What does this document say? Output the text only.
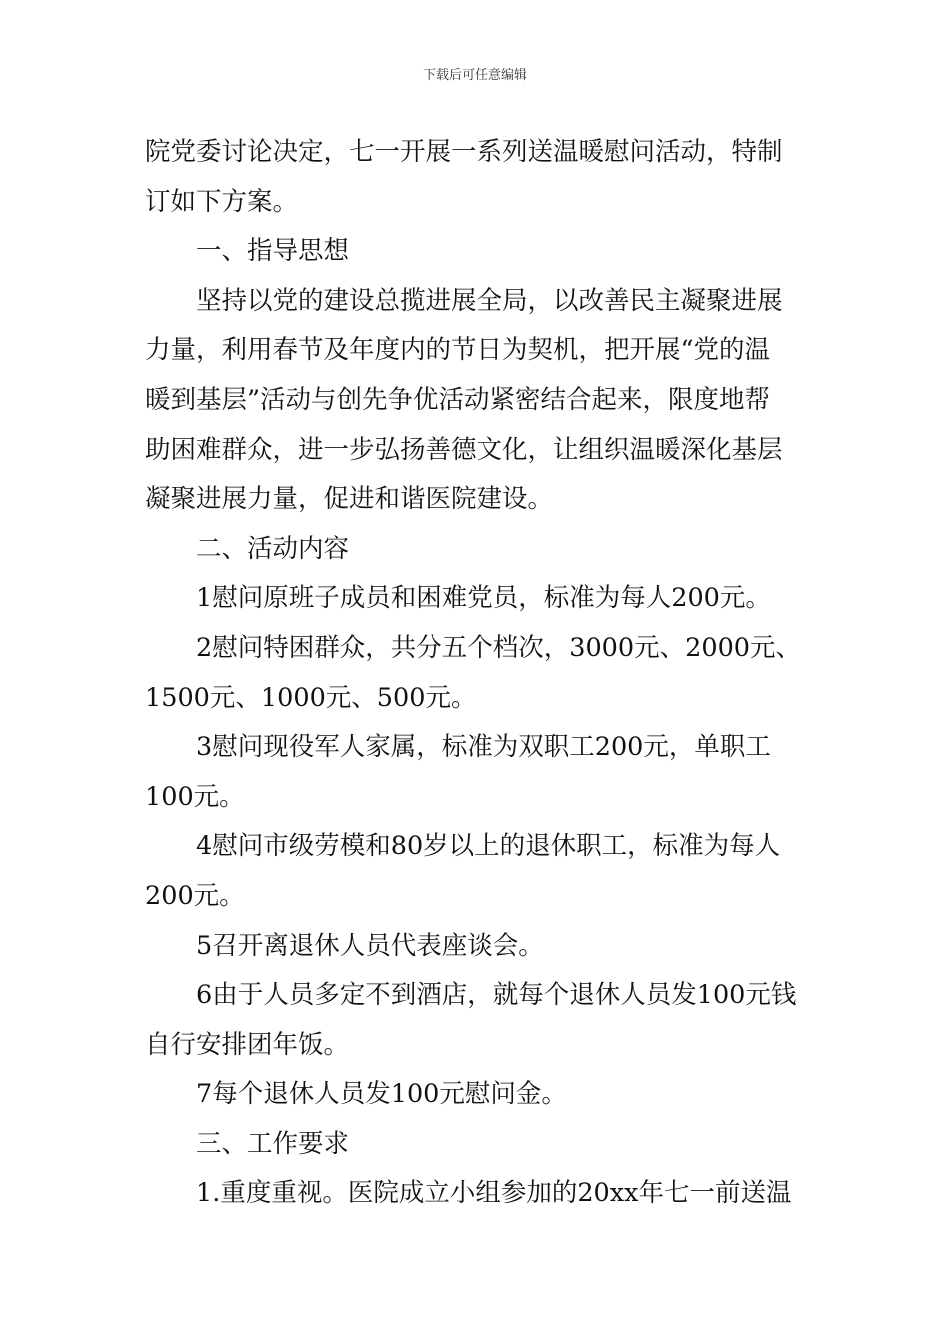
下载后可任意编辑
院党委讨论决定，七一开展一系列送温暖慰问活动，特制
订如下方案。
一、指导思想
坚持以党的建设总揽进展全局，以改善民主凝聚进展
力量，利用春节及年度内的节日为契机，把开展“党的温
暖到基层”活动与创先争优活动紧密结合起来，限度地帮
助困难群众，进一步弘扬善德文化，让组织温暖深化基层
凝聚进展力量，促进和谐医院建设。
二、活动内容
1慰问原班子成员和困难党员，标准为每人200元。
2慰问特困群众，共分五个档次，3000元、2000元、
1500元、1000元、500元。
3慰问现役军人家属，标准为双职工200元，单职工
100元。
4慰问市级劳模和80岁以上的退休职工，标准为每人
200元。
5召开离退休人员代表座谈会。
6由于人员多定不到酒店，就每个退休人员发100元钱
自行安排团年饭。
7每个退休人员发100元慰问金。
三、工作要求
1.重度重视。医院成立小组参加的20xx年七一前送温
